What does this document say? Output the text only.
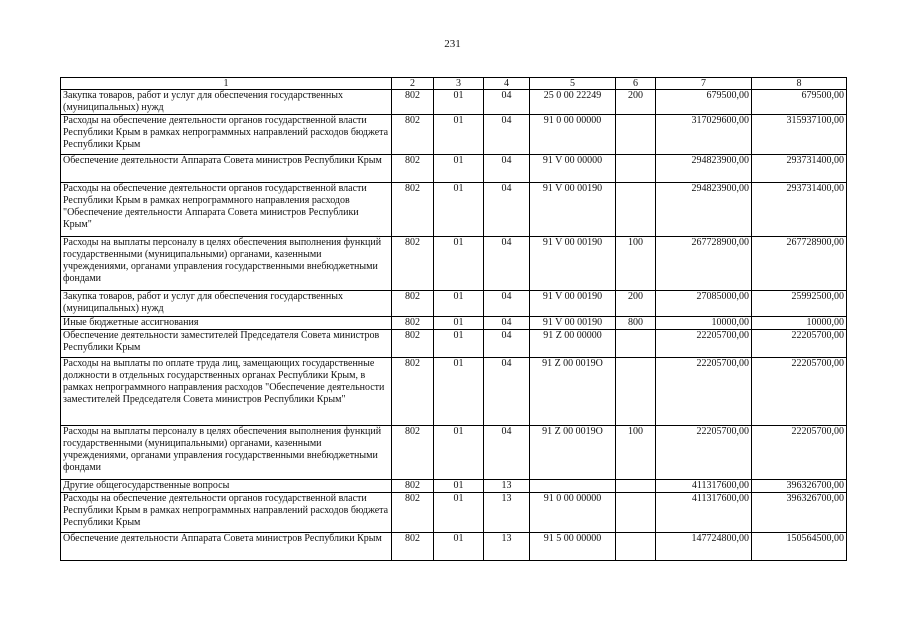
231
1	2	3	4	5	6	7	8
Закупка товаров, работ и услуг для обеспечения государственных (муниципальных) нужд	802	01	04	25 0 00 22249	200	679500,00	679500,00
Расходы на обеспечение деятельности органов государственной власти Республики Крым в рамках непрограммных направлений расходов бюджета Республики Крым	802	01	04	91 0 00 00000		317029600,00	315937100,00
Обеспечение деятельности Аппарата Совета министров Республики Крым	802	01	04	91 V 00 00000		294823900,00	293731400,00
Расходы на обеспечение деятельности органов государственной власти Республики Крым в рамках непрограммного направления расходов "Обеспечение деятельности Аппарата Совета министров Республики Крым"	802	01	04	91 V 00 00190		294823900,00	293731400,00
Расходы на выплаты персоналу в целях обеспечения выполнения функций государственными (муниципальными) органами, казенными учреждениями, органами управления государственными внебюджетными фондами	802	01	04	91 V 00 00190	100	267728900,00	267728900,00
Закупка товаров, работ и услуг для обеспечения государственных (муниципальных) нужд	802	01	04	91 V 00 00190	200	27085000,00	25992500,00
Иные бюджетные ассигнования	802	01	04	91 V 00 00190	800	10000,00	10000,00
Обеспечение деятельности заместителей Председателя Совета министров Республики Крым	802	01	04	91 Z 00 00000		22205700,00	22205700,00
Расходы на выплаты по оплате труда лиц, замещающих государственные должности в отдельных государственных органах Республики Крым, в рамках непрограммного направления расходов "Обеспечение деятельности заместителей Председателя Совета министров Республики Крым"	802	01	04	91 Z 00 0019О		22205700,00	22205700,00
Расходы на выплаты персоналу в целях обеспечения выполнения функций государственными (муниципальными) органами, казенными учреждениями, органами управления государственными внебюджетными фондами	802	01	04	91 Z 00 0019О	100	22205700,00	22205700,00
Другие общегосударственные вопросы	802	01	13			411317600,00	396326700,00
Расходы на обеспечение деятельности органов государственной власти Республики Крым в рамках непрограммных направлений расходов бюджета Республики Крым	802	01	13	91 0 00 00000		411317600,00	396326700,00
Обеспечение деятельности Аппарата Совета министров Республики Крым	802	01	13	91 5 00 00000		147724800,00	150564500,00
